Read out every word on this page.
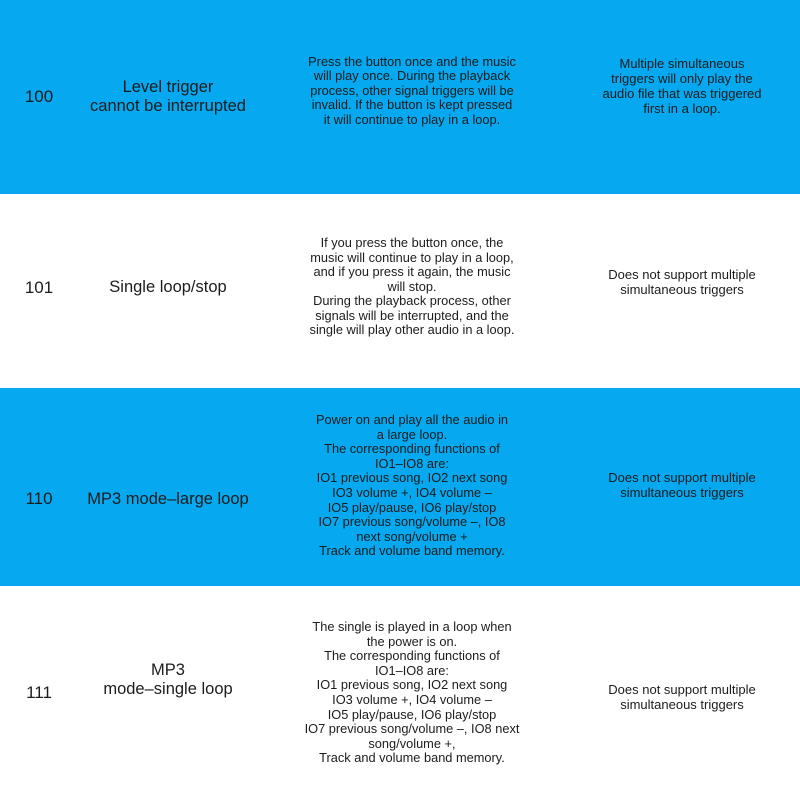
100	Level trigger
cannot be interrupted
Press the button once and the music
will play once. During the playback
process, other signal triggers will be
invalid. If the button is kept pressed
it will continue to play in a loop.
Multiple simultaneous
triggers will only play the
audio file that was triggered
first in a loop.
101	Single loop/stop
If you press the button once, the
music will continue to play in a loop,
and if you press it again, the music
will stop.
During the playback process, other
signals will be interrupted, and the
single will play other audio in a loop.
Does not support multiple
simultaneous triggers
110 MP3 mode–large loop
Power on and play all the audio in
a large loop.
The corresponding functions of
IO1–IO8 are:
IO1 previous song, IO2 next song
IO3 volume +, IO4 volume –
IO5 play/pause, IO6 play/stop
IO7 previous song/volume –, IO8
next song/volume +
Track and volume band memory.
Does not support multiple
simultaneous triggers
111
MP3
mode–single loop
The single is played in a loop when
the power is on.
The corresponding functions of
IO1–IO8 are:
IO1 previous song, IO2 next song
IO3 volume +, IO4 volume –
IO5 play/pause, IO6 play/stop
IO7 previous song/volume –, IO8 next
song/volume +,
Track and volume band memory.
Does not support multiple
simultaneous triggers
